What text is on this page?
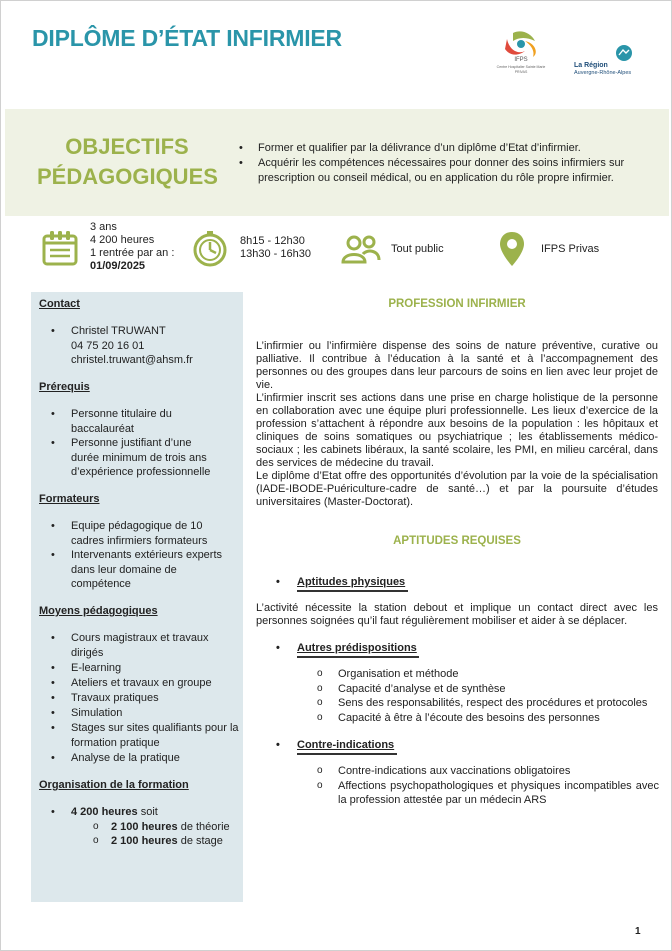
DIPLÔME D’ÉTAT INFIRMIER
IFPS
Centre Hospitalier Sainte Marie PRIVAS
La Région
Auvergne-Rhône-Alpes
OBJECTIFS
PÉDAGOGIQUES
• Former et qualifier par la délivrance d’un diplôme d’Etat d’infirmier.
• Acquérir les compétences nécessaires pour donner des soins infirmiers sur prescription ou conseil médical, ou en application du rôle propre infirmier.
3 ans
4 200 heures
1 rentrée par an :
01/09/2025
8h15 - 12h30
13h30 - 16h30	Tout public	IFPS Privas
Contact
• Christel TRUWANT
04 75 20 16 01
christel.truwant@ahsm.fr
Prérequis
• Personne titulaire du baccalauréat
• Personne justifiant d’une durée minimum de trois ans d’expérience professionnelle
Formateurs
• Equipe pédagogique de 10 cadres infirmiers formateurs
• Intervenants extérieurs experts dans leur domaine de compétence
Moyens pédagogiques
• Cours magistraux et travaux dirigés
• E-learning
• Ateliers et travaux en groupe
• Travaux pratiques
• Simulation
• Stages sur sites qualifiants pour la formation pratique
• Analyse de la pratique
Organisation de la formation
• 4 200 heures soit
o 2 100 heures de théorie
o 2 100 heures de stage
PROFESSION INFIRMIER
L’infirmier ou l’infirmière dispense des soins de nature préventive, curative ou palliative. Il contribue à l’éducation à la santé et à l’accompagnement des personnes ou des groupes dans leur parcours de soins en lien avec leur projet de vie.
L’infirmier inscrit ses actions dans une prise en charge holistique de la personne en collaboration avec une équipe pluri professionnelle. Les lieux d’exercice de la profession s’attachent à répondre aux besoins de la population : les hôpitaux et cliniques de soins somatiques ou psychiatrique ; les établissements médico-sociaux ; les cabinets libéraux, la santé scolaire, les PMI, en milieu carcéral, dans des services de médecine du travail.
Le diplôme d’Etat offre des opportunités d’évolution par la voie de la spécialisation (IADE-IBODE-Puériculture-cadre de santé…) et par la poursuite d’études universitaires (Master-Doctorat).
APTITUDES REQUISES
• Aptitudes physiques
L’activité nécessite la station debout et implique un contact direct avec les personnes soignées qu’il faut régulièrement mobiliser et aider à se déplacer.
• Autres prédispositions
o Organisation et méthode
o Capacité d’analyse et de synthèse
o Sens des responsabilités, respect des procédures et protocoles
o Capacité à être à l’écoute des besoins des personnes
• Contre-indications
o Contre-indications aux vaccinations obligatoires
o Affections psychopathologiques et physiques incompatibles avec la profession attestée par un médecin ARS
1
